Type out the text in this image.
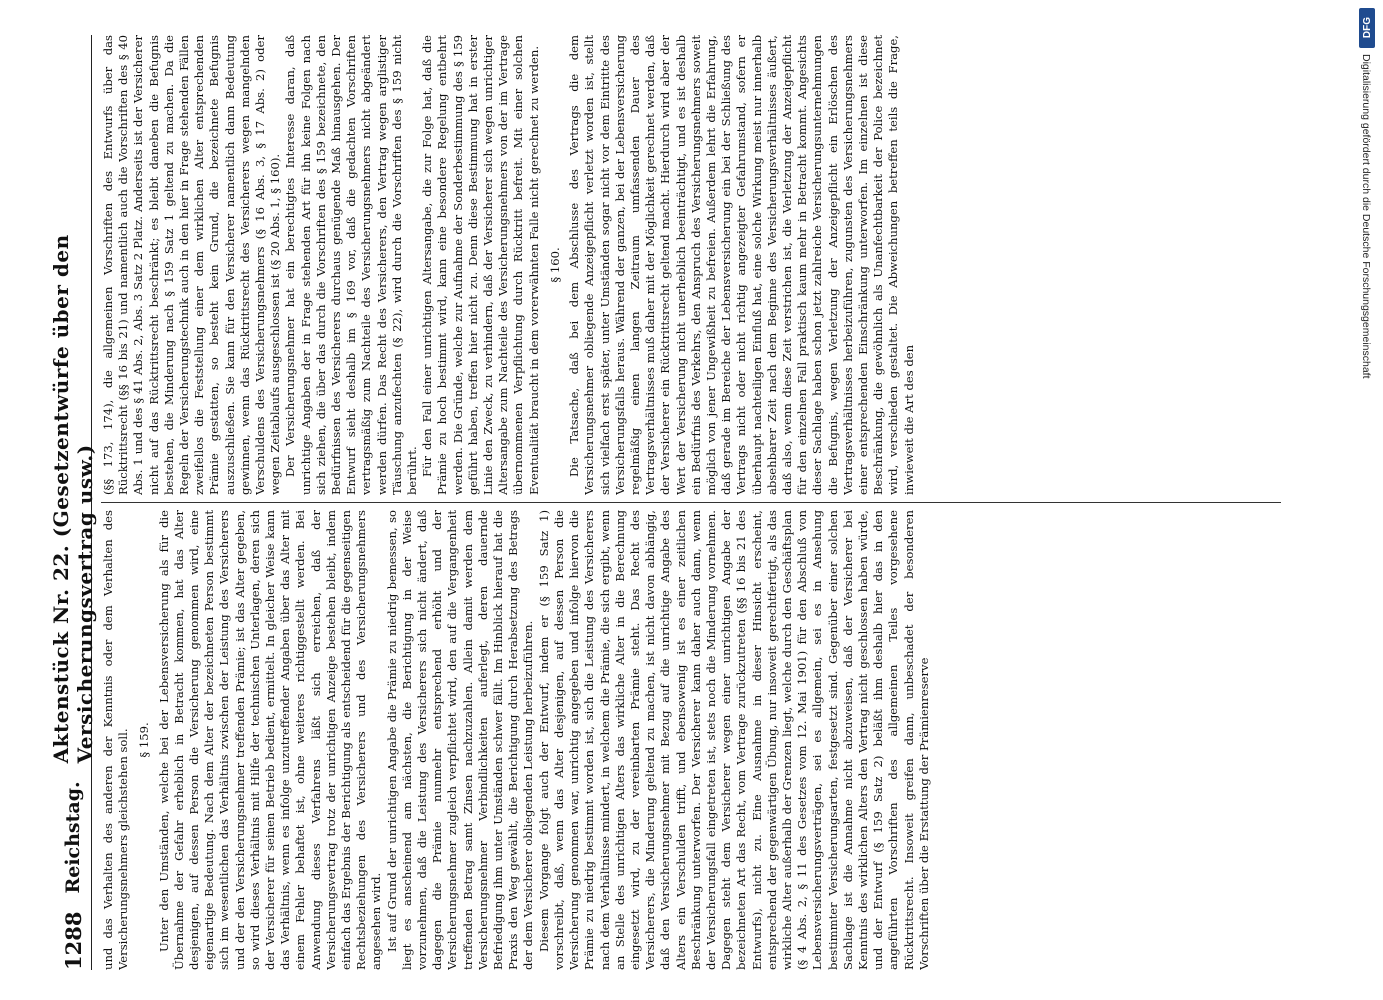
DFG
Digitalisierung gefördert durch die Deutsche Forschungsgemeinschaft
1288
Reichstag.
Aktenstück Nr. 22. (Gesetzentwürfe über den Versicherungsvertrag usw.) und das Verhalten des anderen der Kenntnis oder dem Verhalten des Versicherungsnehmers gleichstehen soll. § 159. Unter den Umständen, welche bei der Lebensversicherung als für die Übernahme der Gefahr erheblich in Betracht kommen, hat das Alter desjenigen, auf dessen Person die Versicherung genommen wird, eine eigenartige Bedeutung. Nach dem Alter der bezeichneten Person bestimmt sich im wesentlichen das Verhältnis zwischen der Leistung des Versicherers und der den Versicherungsnehmer treffenden Prämie; ist das Alter gegeben, so wird dieses Verhältnis mit Hilfe der technischen Unterlagen, deren sich der Versicherer für seinen Betrieb bedient, ermittelt. In gleicher Weise kann das Verhältnis, wenn es infolge unzutreffender Angaben über das Alter mit einem Fehler behaftet ist, ohne weiteres richtiggestellt werden. Bei Anwendung dieses Verfahrens läßt sich erreichen, daß der Versicherungsvertrag trotz der unrichtigen Anzeige bestehen bleibt, indem einfach das Ergebnis der Berichtigung als entscheidend für die gegenseitigen Rechtsbeziehungen des Versicherers und des Versicherungsnehmers angesehen wird. Ist auf Grund der unrichtigen Angabe die Prämie zu niedrig bemessen, so liegt es anscheinend am nächsten, die Berichtigung in der Weise vorzunehmen, daß die Leistung des Versicherers sich nicht ändert, daß dagegen die Prämie nunmehr entsprechend erhöht und der Versicherungsnehmer zugleich verpflichtet wird, den auf die Vergangenheit treffenden Betrag samt Zinsen nachzuzahlen. Allein damit werden dem Versicherungsnehmer Verbindlichkeiten auferlegt, deren dauernde Befriedigung ihm unter Umständen schwer fällt. Im Hinblick hierauf hat die Praxis den Weg gewählt, die Berichtigung durch Herabsetzung des Betrags der dem Versicherer obliegenden Leistung herbeizuführen. Diesem Vorgange folgt auch der Entwurf, indem er (§ 159 Satz 1) vorschreibt, daß, wenn das Alter desjenigen, auf dessen Person die Versicherung genommen war, unrichtig angegeben und infolge hiervon die Prämie zu niedrig bestimmt worden ist, sich die Leistung des Versicherers nach dem Verhältnisse mindert, in welchem die Prämie, die sich ergibt, wenn an Stelle des unrichtigen Alters das wirkliche Alter in die Berechnung eingesetzt wird, zu der vereinbarten Prämie steht. Das Recht des Versicherers, die Minderung geltend zu machen, ist nicht davon abhängig, daß den Versicherungsnehmer mit Bezug auf die unrichtige Angabe des Alters ein Verschulden trifft, und ebensowenig ist es einer zeitlichen Beschränkung unterworfen. Der Versicherer kann daher auch dann, wenn der Versicherungsfall eingetreten ist, stets noch die Minderung vornehmen. Dagegen steht dem Versicherer wegen einer unrichtigen Angabe der bezeichneten Art das Recht, vom Vertrage zurückzutreten (§§ 16 bis 21 des Entwurfs), nicht zu. Eine Ausnahme in dieser Hinsicht erscheint, entsprechend der gegenwärtigen Übung, nur insoweit gerechtfertigt, als das wirkliche Alter außerhalb der Grenzen liegt, welche durch den Geschäftsplan (§ 4 Abs. 2, § 11 des Gesetzes vom 12. Mai 1901) für den Abschluß von Lebensversicherungsverträgen, sei es allgemein, sei es in Ansehung bestimmter Versicherungsarten, festgesetzt sind. Gegenüber einer solchen Sachlage ist die Annahme nicht abzuweisen, daß der Versicherer bei Kenntnis des wirklichen Alters den Vertrag nicht geschlossen haben würde, und der Entwurf (§ 159 Satz 2) beläßt ihm deshalb hier das in den angeführten Vorschriften des allgemeinen Teiles vorgesehene Rücktrittsrecht. Insoweit greifen dann, unbeschadet der besonderen Vorschriften über die Erstattung der Prämienreserve

(§§ 173, 174), die allgemeinen Vorschriften des Entwurfs über das Rücktrittsrecht (§§ 16 bis 21) und namentlich auch die Vorschriften des § 40 Abs. 1 und des § 41 Abs. 2, Abs. 3 Satz 2 Platz. Anderseits ist der Versicherer nicht auf das Rücktrittsrecht beschränkt; es bleibt daneben die Befugnis bestehen, die Minderung nach § 159 Satz 1 geltend zu machen. Da die Regeln der Versicherungstechnik auch in den hier in Frage stehenden Fällen zweifellos die Feststellung einer dem wirklichen Alter entsprechenden Prämie gestatten, so besteht kein Grund, die bezeichnete Befugnis auszuschließen. Sie kann für den Versicherer namentlich dann Bedeutung gewinnen, wenn das Rücktrittsrecht des Versicherers wegen mangelnden Verschuldens des Versicherungsnehmers (§ 16 Abs. 3, § 17 Abs. 2) oder wegen Zeitablaufs ausgeschlossen ist (§ 20 Abs. 1, § 160). Der Versicherungsnehmer hat ein berechtigtes Interesse daran, daß unrichtige Angaben der in Frage stehenden Art für ihn keine Folgen nach sich ziehen, die über das durch die Vorschriften des § 159 bezeichnete, den Bedürfnissen des Versicherers durchaus genügende Maß hinausgehen. Der Entwurf sieht deshalb im § 169 vor, daß die gedachten Vorschriften vertragsmäßig zum Nachteile des Versicherungsnehmers nicht abgeändert werden dürfen. Das Recht des Versicherers, den Vertrag wegen arglistiger Täuschung anzufechten (§ 22), wird durch die Vorschriften des § 159 nicht berührt. Für den Fall einer unrichtigen Altersangabe, die zur Folge hat, daß die Prämie zu hoch bestimmt wird, kann eine besondere Regelung entbehrt werden. Die Gründe, welche zur Aufnahme der Sonderbestimmung des § 159 geführt haben, treffen hier nicht zu. Denn diese Bestimmung hat in erster Linie den Zweck, zu verhindern, daß der Versicherer sich wegen unrichtiger Altersangabe zum Nachteile des Versicherungsnehmers von der im Vertrage übernommenen Verpflichtung durch Rücktritt befreit. Mit einer solchen Eventualität braucht in dem vorerwähnten Falle nicht gerechnet zu werden. § 160. Die Tatsache, daß bei dem Abschlusse des Vertrags die dem Versicherungsnehmer obliegende Anzeigepflicht verletzt worden ist, stellt sich vielfach erst später, unter Umständen sogar nicht vor dem Eintritte des Versicherungsfalls heraus. Während der ganzen, bei der Lebensversicherung regelmäßig einen langen Zeitraum umfassenden Dauer des Vertragsverhältnisses muß daher mit der Möglichkeit gerechnet werden, daß der Versicherer ein Rücktrittsrecht geltend macht. Hierdurch wird aber der Wert der Versicherung nicht unerheblich beeinträchtigt, und es ist deshalb ein Bedürfnis des Verkehrs, den Anspruch des Versicherungsnehmers soweit möglich von jener Ungewißheit zu befreien. Außerdem lehrt die Erfahrung, daß gerade im Bereiche der Lebensversicherung ein bei der Schließung des Vertrags nicht oder nicht richtig angezeigter Gefahrumstand, sofern er überhaupt nachteiligen Einfluß hat, eine solche Wirkung meist nur innerhalb absehbarer Zeit nach dem Beginne des Versicherungsverhältnisses äußert, daß also, wenn diese Zeit verstrichen ist, die Verletzung der Anzeigepflicht für den einzelnen Fall praktisch kaum mehr in Betracht kommt. Angesichts dieser Sachlage haben schon jetzt zahlreiche Versicherungsunternehmungen die Befugnis, wegen Verletzung der Anzeigepflicht ein Erlöschen des Vertragsverhältnisses herbeizuführen, zugunsten des Versicherungsnehmers einer entsprechenden Einschränkung unterworfen. Im einzelnen ist diese Beschränkung, die gewöhnlich als Unanfechtbarkeit der Police bezeichnet wird, verschieden gestaltet. Die Abweichungen betreffen teils die Frage, inwieweit die Art des den
